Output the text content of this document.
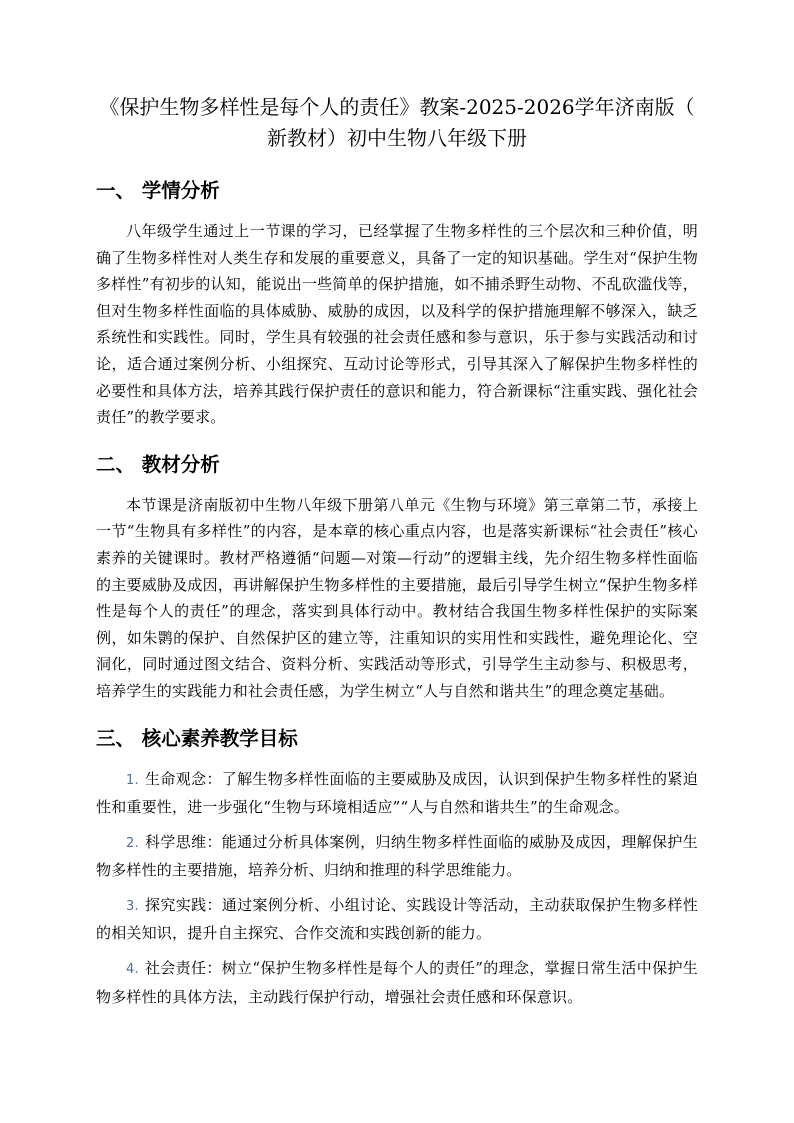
《保护生物多样性是每个人的责任》教案-2025-2026学年济南版（
新教材）初中生物八年级下册
一、 学情分析

八年级学生通过上一节课的学习，已经掌握了生物多样性的三个层次和三种价值，明确了生物多样性对人类生存和发展的重要意义，具备了一定的知识基础。学生对“保护生物多样性”有初步的认知，能说出一些简单的保护措施，如不捕杀野生动物、不乱砍滥伐等，但对生物多样性面临的具体威胁、威胁的成因，以及科学的保护措施理解不够深入，缺乏系统性和实践性。同时，学生具有较强的社会责任感和参与意识，乐于参与实践活动和讨论，适合通过案例分析、小组探究、互动讨论等形式，引导其深入了解保护生物多样性的必要性和具体方法，培养其践行保护责任的意识和能力，符合新课标“注重实践、强化社会责任”的教学要求。

二、 教材分析

本节课是济南版初中生物八年级下册第八单元《生物与环境》第三章第二节，承接上一节“生物具有多样性”的内容，是本章的核心重点内容，也是落实新课标“社会责任”核心素养的关键课时。教材严格遵循“问题—对策—行动”的逻辑主线，先介绍生物多样性面临的主要威胁及成因，再讲解保护生物多样性的主要措施，最后引导学生树立“保护生物多样性是每个人的责任”的理念，落实到具体行动中。教材结合我国生物多样性保护的实际案例，如朱鹮的保护、自然保护区的建立等，注重知识的实用性和实践性，避免理论化、空洞化，同时通过图文结合、资料分析、实践活动等形式，引导学生主动参与、积极思考，培养学生的实践能力和社会责任感，为学生树立“人与自然和谐共生”的理念奠定基础。

三、 核心素养教学目标

1. 生命观念：了解生物多样性面临的主要威胁及成因，认识到保护生物多样性的紧迫性和重要性，进一步强化“生物与环境相适应”“人与自然和谐共生”的生命观念。

2. 科学思维：能通过分析具体案例，归纳生物多样性面临的威胁及成因，理解保护生物多样性的主要措施，培养分析、归纳和推理的科学思维能力。

3. 探究实践：通过案例分析、小组讨论、实践设计等活动，主动获取保护生物多样性的相关知识，提升自主探究、合作交流和实践创新的能力。

4. 社会责任：树立“保护生物多样性是每个人的责任”的理念，掌握日常生活中保护生物多样性的具体方法，主动践行保护行动，增强社会责任感和环保意识。
